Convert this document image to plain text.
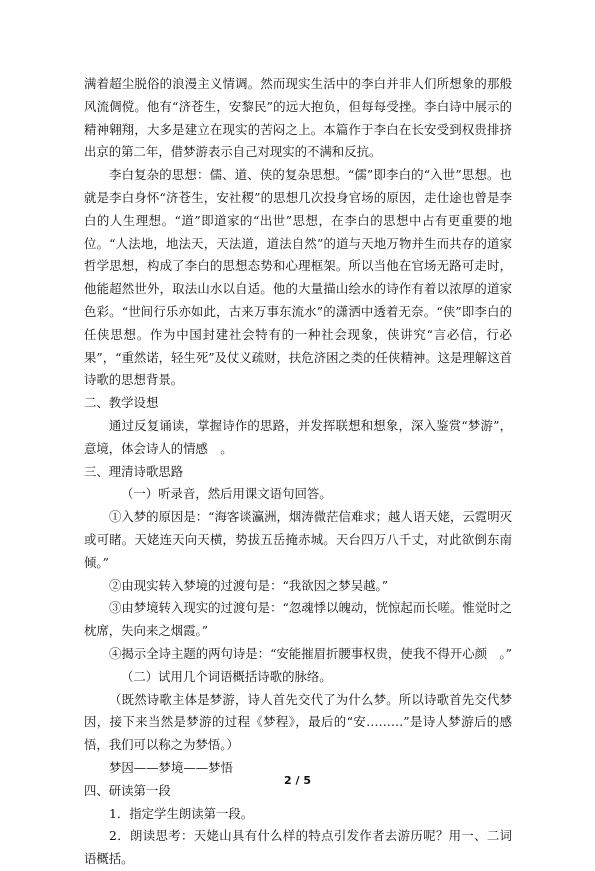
满着超尘脱俗的浪漫主义情调。然而现实生活中的李白并非人们所想象的那般风流倜傥。他有“济苍生，安黎民”的远大抱负，但每每受挫。李白诗中展示的精神翱翔，大多是建立在现实的苦闷之上。本篇作于李白在长安受到权贵排挤出京的第二年，借梦游表示自己对现实的不满和反抗。

李白复杂的思想：儒、道、侠的复杂思想。“儒”即李白的“入世”思想。也就是李白身怀“济苍生，安社稷”的思想几次投身官场的原因，走仕途也曾是李白的人生理想。“道”即道家的“出世”思想，在李白的思想中占有更重要的地位。“人法地，地法天，天法道，道法自然”的道与天地万物并生而共存的道家哲学思想，构成了李白的思想态势和心理框架。所以当他在官场无路可走时，他能超然世外，取法山水以自适。他的大量描山绘水的诗作有着以浓厚的道家色彩。“世间行乐亦如此，古来万事东流水”的潇洒中透着无奈。“侠”即李白的任侠思想。作为中国封建社会特有的一种社会现象，侠讲究“言必信，行必果”，“重然诺，轻生死”及仗义疏财，扶危济困之类的任侠精神。这是理解这首诗歌的思想背景。

二、教学设想

通过反复诵读，掌握诗作的思路，并发挥联想和想象，深入鉴赏“梦游”，意境，体会诗人的情感　。

三、理清诗歌思路

（一）听录音，然后用课文语句回答。

①入梦的原因是：“海客谈瀛洲，烟涛微茫信难求；越人语天姥，云霓明灭或可睹。天姥连天向天横，势拔五岳掩赤城。天台四万八千丈，对此欲倒东南倾。”

②由现实转入梦境的过渡句是：“我欲因之梦吴越。”

③由梦境转入现实的过渡句是：“忽魂悸以魄动，恍惊起而长嗟。惟觉时之枕席，失向来之烟霞。”

④揭示全诗主题的两句诗是：“安能摧眉折腰事权贵，使我不得开心颜　。”

（二）试用几个词语概括诗歌的脉络。

（既然诗歌主体是梦游，诗人首先交代了为什么梦。所以诗歌首先交代梦因，接下来当然是梦游的过程《梦程》，最后的“安………”是诗人梦游后的感悟，我们可以称之为梦悟。）

梦因——梦境——梦悟

四、研读第一段

1．指定学生朗读第一段。

2．朗读思考：天姥山具有什么样的特点引发作者去游历呢？用一、二词语概括。

2 / 5
